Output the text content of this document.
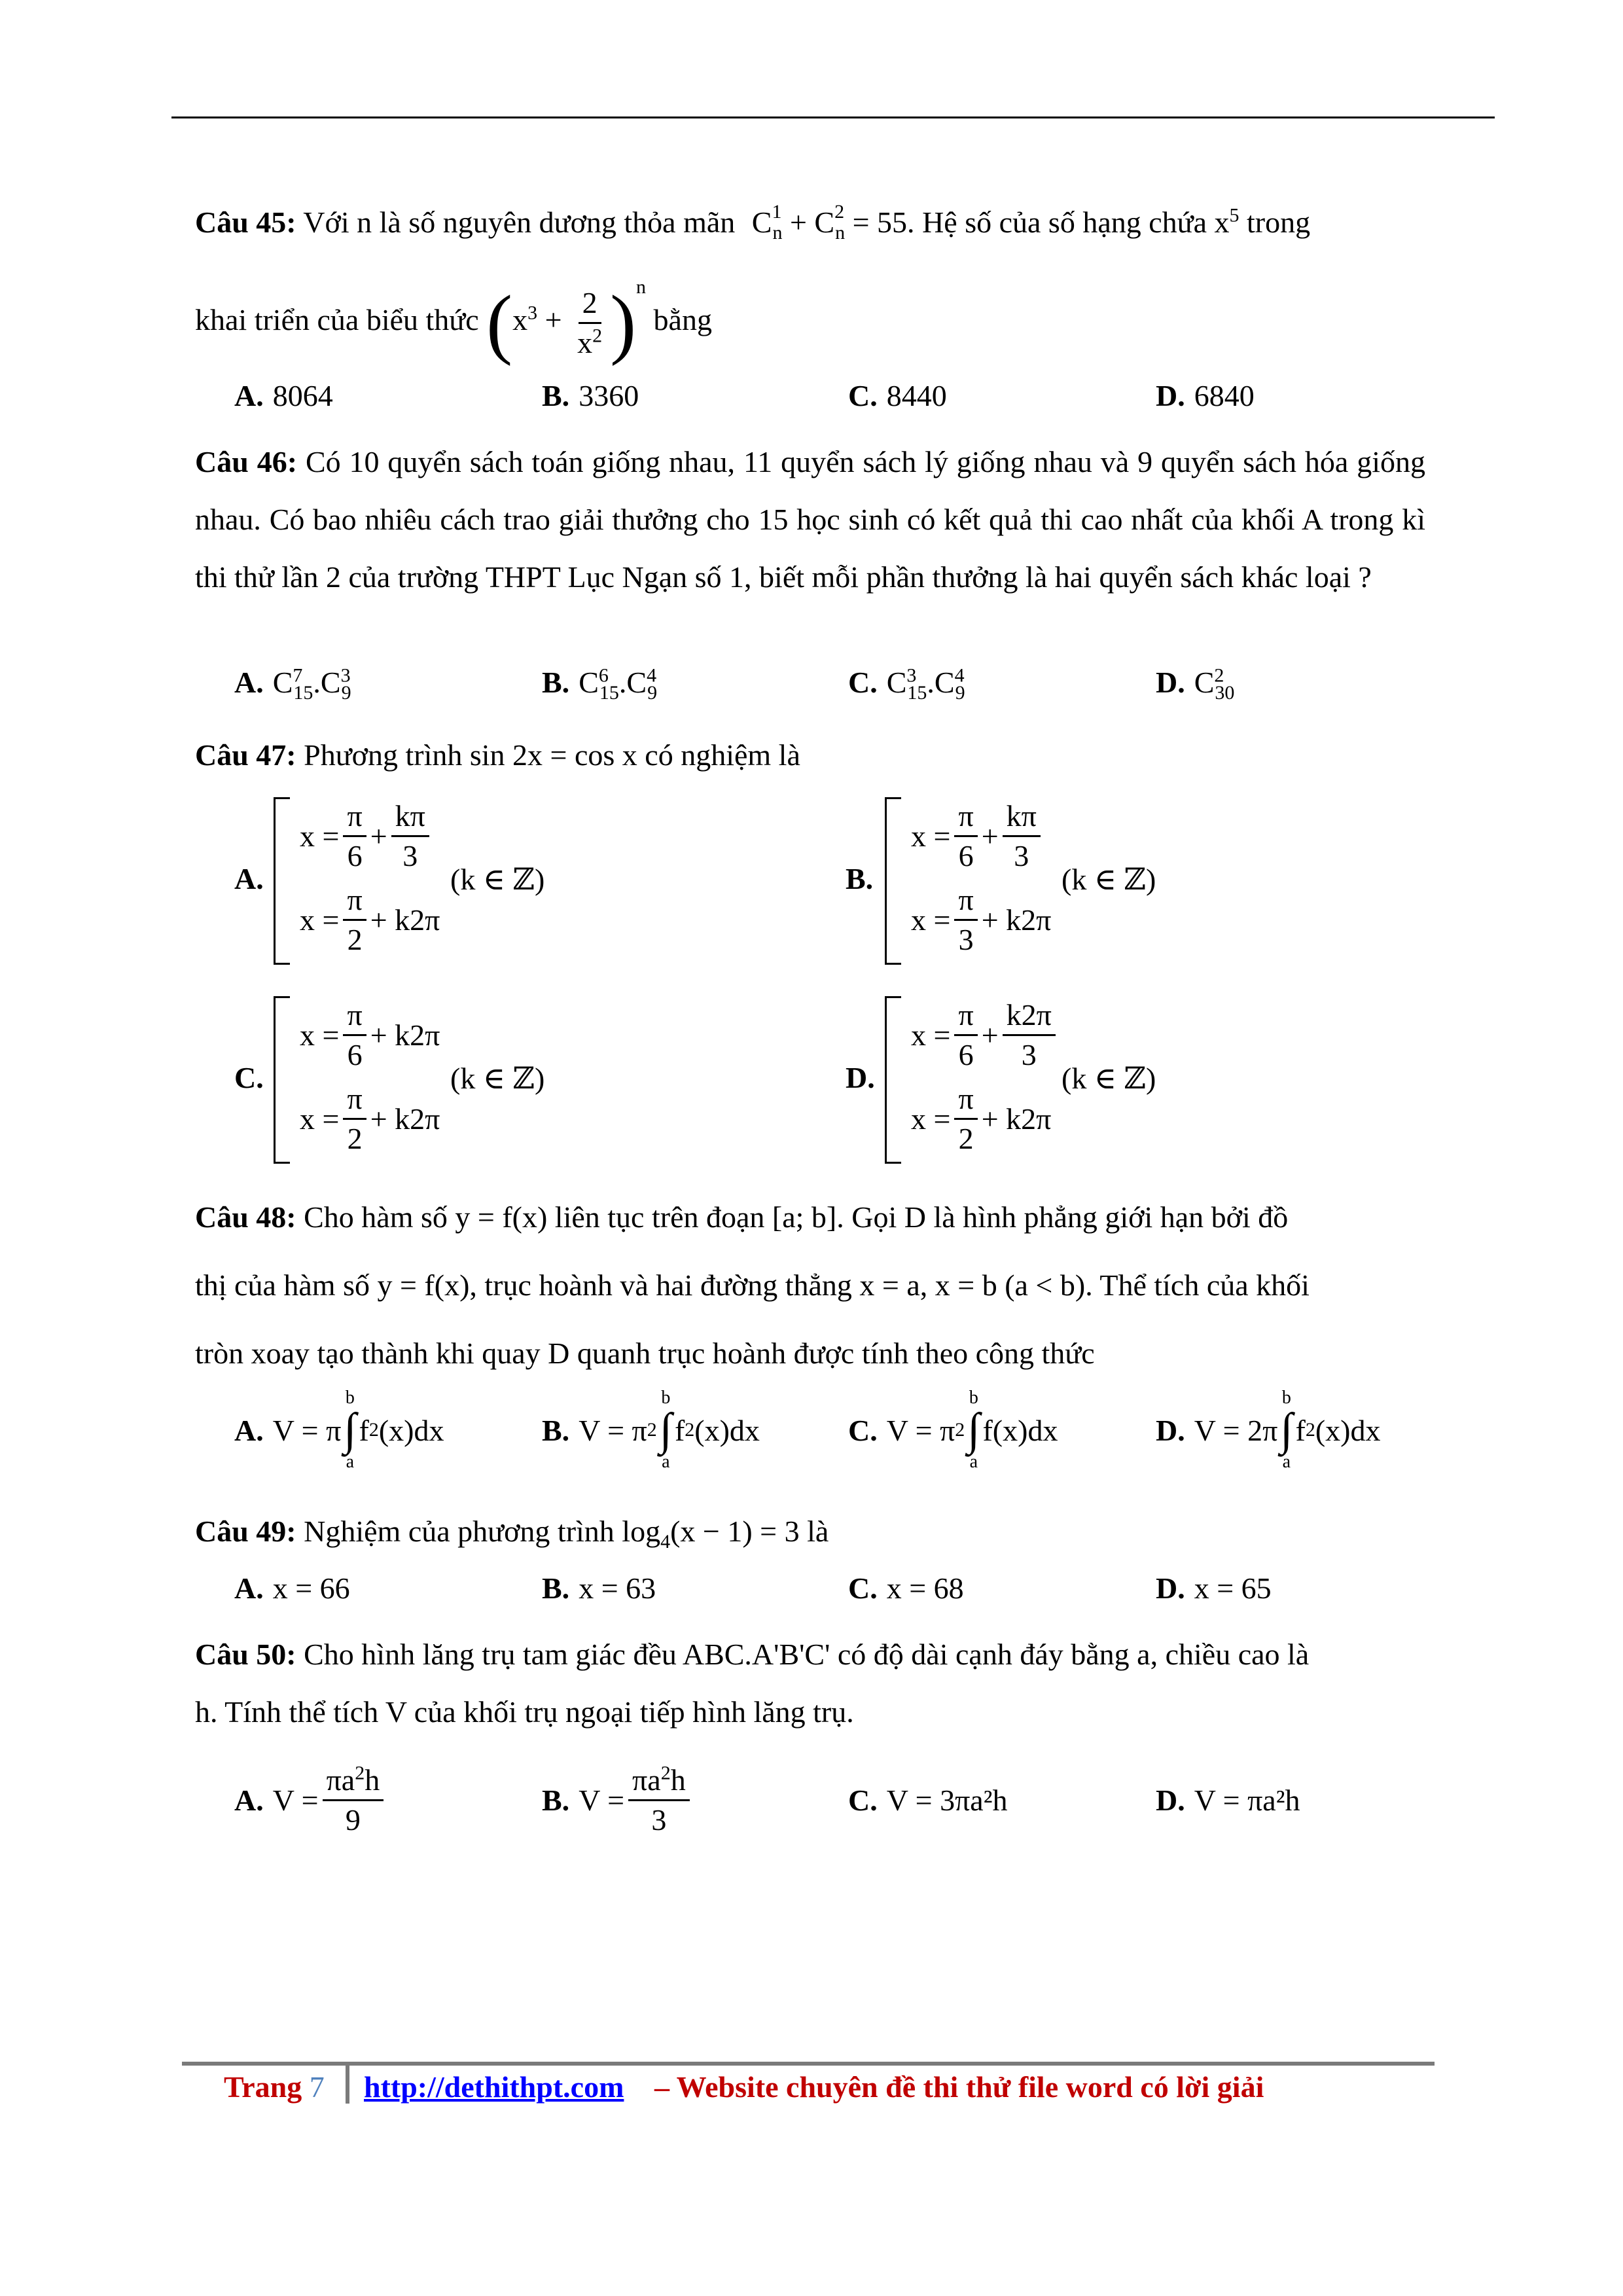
Câu 45: Với n là số nguyên dương thỏa mãn $C^1_n + C^2_n = 55$. Hệ số của số hạng chứa $x^5$ trong
khai triển của biểu thức $(x^3 + \frac{2}{x^2} )^n$ bằng
A. 8064	B. 3360	C. 8440	D. 6840
Câu 46: Có 10 quyển sách toán giống nhau, 11 quyển sách lý giống nhau và 9 quyển sách hóa giống nhau. Có bao nhiêu cách trao giải thưởng cho 15 học sinh có kết quả thi cao nhất của khối A trong kì thi thử lần 2 của trường THPT Lục Ngạn số 1, biết mỗi phần thưởng là hai quyển sách khác loại ?
A. $C^7_{15}.C^3_9$	B. $C^6_{15}.C^4_9$	C. $C^3_{15}.C^4_9$	D. $C^2_{30}$
Câu 47: Phương trình sin 2x = cos x có nghiệm là
A.
$x = \frac{\pi}{6} + \frac{k\pi}{3}$
$x = \frac{\pi}{2} + k2\pi$
(k ∈ ℤ)	B.
$x = \frac{\pi}{6} + \frac{k\pi}{3}$
$x = \frac{\pi}{3} + k2\pi$
(k ∈ ℤ)
C.
$x = \frac{\pi}{6} + k2\pi$
$x = \frac{\pi}{2} + k2\pi$
(k ∈ ℤ)	D.
$x = \frac{\pi}{6} + \frac{k2\pi}{3}$
$x = \frac{\pi}{2} + k2\pi$
(k ∈ ℤ)
Câu 48: Cho hàm số y = f(x) liên tục trên đoạn [a; b]. Gọi D là hình phẳng giới hạn bởi đồ
thị của hàm số y = f(x), trục hoành và hai đường thẳng x = a, x = b (a < b). Thể tích của khối
tròn xoay tạo thành khi quay D quanh trục hoành được tính theo công thức
A. V = π
b
∫
a
f 2 (x)dx	B. V = π 2
b
∫
a
f 2 (x)dx	C. V = π 2
b
∫
a
f(x)dx	D. V = 2π
b
∫
a
f 2 (x)dx
Câu 49: Nghiệm của phương trình $\log_4(x - 1) = 3$ là
A. x = 66	B. x = 63	C. x = 68	D. x = 65
Câu 50: Cho hình lăng trụ tam giác đều ABC.A'B'C' có độ dài cạnh đáy bằng a, chiều cao là
h. Tính thể tích V của khối trụ ngoại tiếp hình lăng trụ.
A. $V = \frac{\pi a^2h}{9}$	B. $V = \frac{\pi a^2h}{3}$	C. V = 3πa²h	D. V = πa²h
Trang 7 http://dethithpt.com – Website chuyên đề thi thử file word có lời giải
